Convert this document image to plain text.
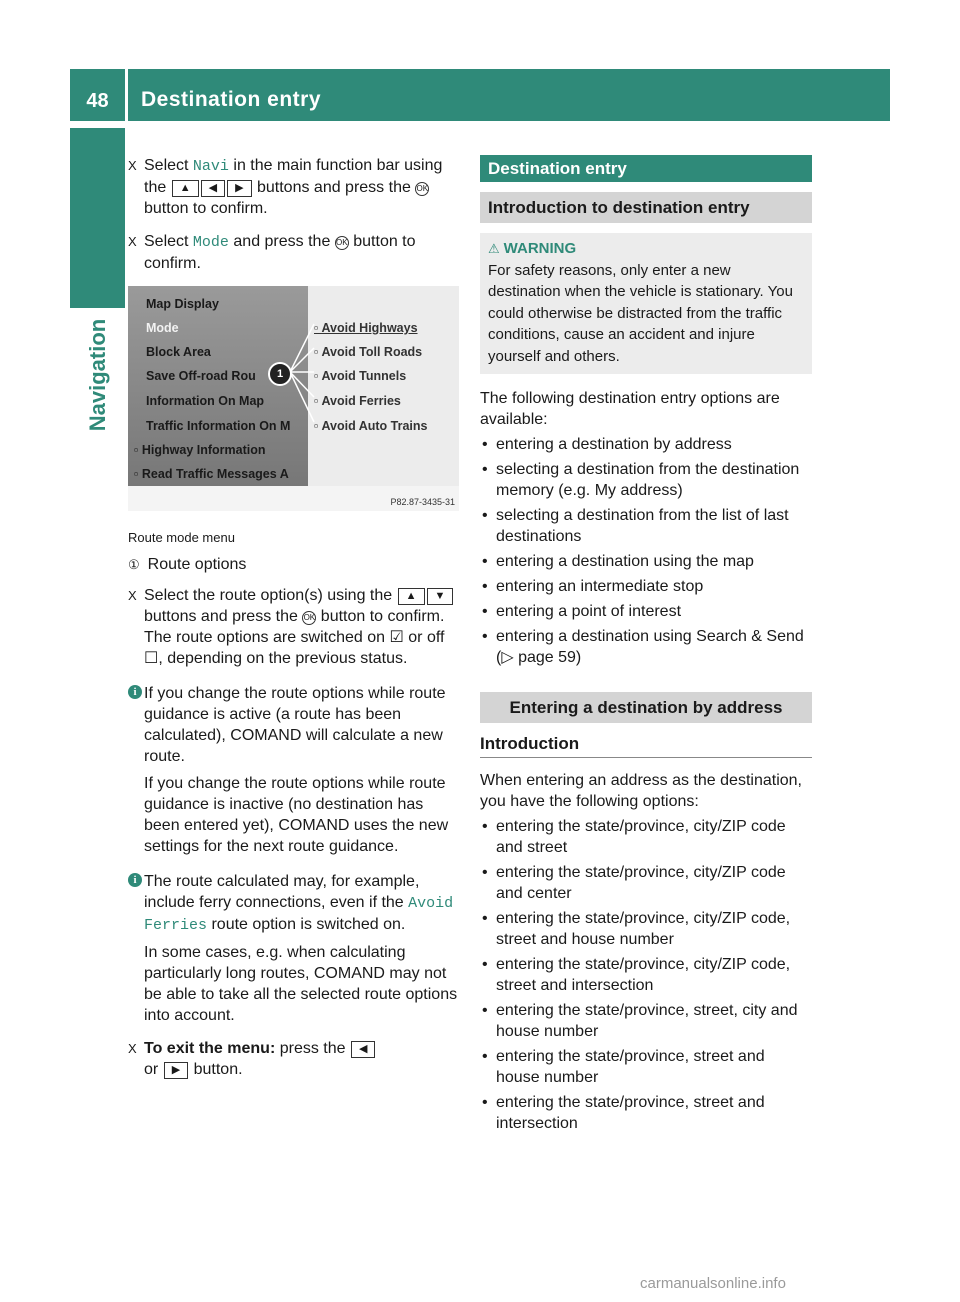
48	Destination entry
Navigation
X Select Navi in the main function bar using the ▲ ◀ ▶ buttons and press the OK button to confirm.
X Select Mode and press the OK button to confirm.
Map Display
Mode
Block Area
Save Off-road Rou
Information On Map
Traffic Information On M
▫ Highway Information
▫ Read Traffic Messages A
▫ Avoid Highways
▫ Avoid Toll Roads
▫ Avoid Tunnels
▫ Avoid Ferries
▫ Avoid Auto Trains
1
P82.87-3435-31
Route mode menu
① Route options
X Select the route option(s) using the ▲ ▼ buttons and press the OK button to confirm.
The route options are switched on ☑ or off ☐, depending on the previous status.
i If you change the route options while route guidance is active (a route has been calculated), COMAND will calculate a new route.

If you change the route options while route guidance is inactive (no destination has been entered yet), COMAND uses the new settings for the next route guidance.

i The route calculated may, for example, include ferry connections, even if the Avoid Ferries route option is switched on.

In some cases, e.g. when calculating particularly long routes, COMAND may not be able to take all the selected route options into account.

X To exit the menu: press the ◀
or ▶ button.
Destination entry
Introduction to destination entry
⚠ WARNING
For safety reasons, only enter a new destination when the vehicle is stationary. You could otherwise be distracted from the traffic conditions, cause an accident and injure yourself and others.
The following destination entry options are available:
• entering a destination by address
• selecting a destination from the destination memory (e.g. My address)
• selecting a destination from the list of last destinations
• entering a destination using the map
• entering an intermediate stop
• entering a point of interest
• entering a destination using Search & Send
(▷ page 59)
Entering a destination by address
Introduction
When entering an address as the destination, you have the following options:
• entering the state/province, city/ZIP code and street
• entering the state/province, city/ZIP code and center
• entering the state/province, city/ZIP code, street and house number
• entering the state/province, city/ZIP code, street and intersection
• entering the state/province, street, city and house number
• entering the state/province, street and house number
• entering the state/province, street and intersection
carmanualsonline.info
